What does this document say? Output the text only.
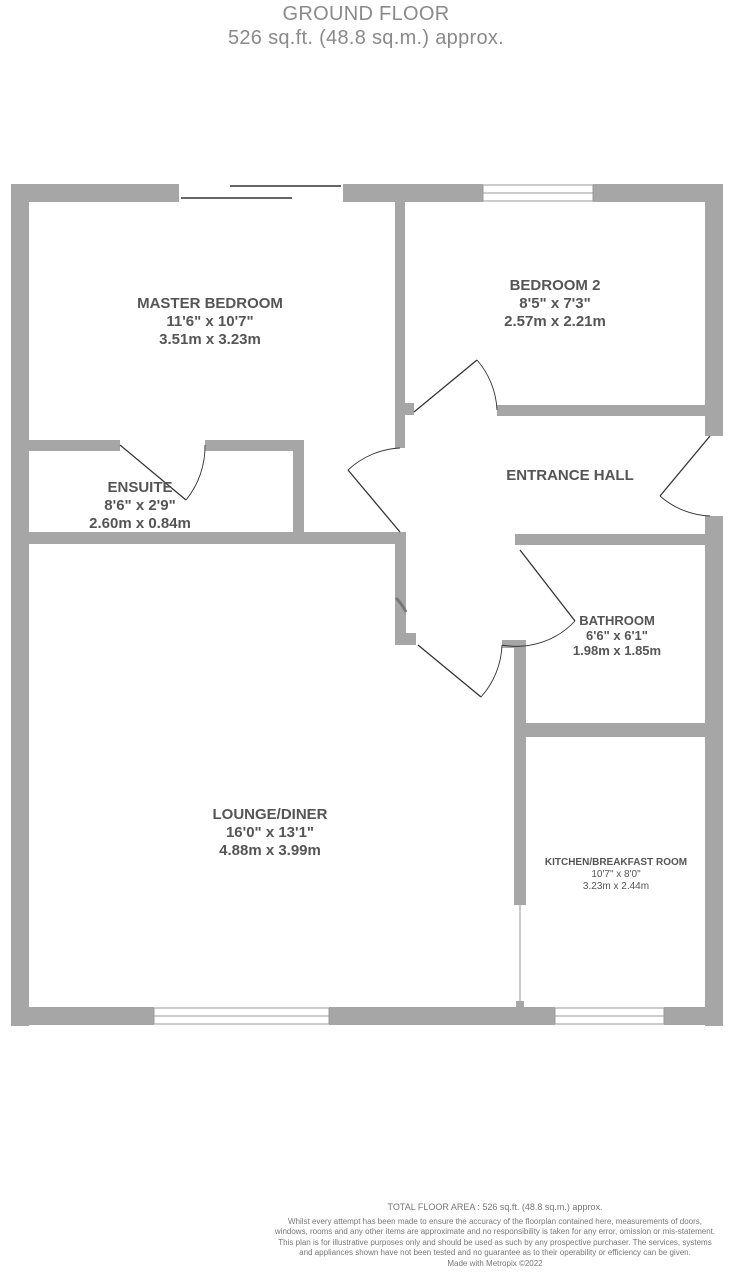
GROUND FLOOR
526 sq.ft. (48.8 sq.m.) approx.
MASTER BEDROOM
11'6" x 10'7"
3.51m x 3.23m
BEDROOM 2
8'5" x 7'3"
2.57m x 2.21m
ENTRANCE HALL
ENSUITE
8'6" x 2'9"
2.60m x 0.84m
BATHROOM
6'6" x 6'1"
1.98m x 1.85m
LOUNGE/DINER
16'0" x 13'1"
4.88m x 3.99m
KITCHEN/BREAKFAST ROOM
10'7" x 8'0"
3.23m x 2.44m
TOTAL FLOOR AREA : 526 sq.ft. (48.8 sq.m.) approx.
Whilst every attempt has been made to ensure the accuracy of the floorplan contained here, measurements of doors, windows, rooms and any other items are approximate and no responsibility is taken for any error, omission or mis-statement. This plan is for illustrative purposes only and should be used as such by any prospective purchaser. The services, systems and appliances shown have not been tested and no guarantee as to their operability or efficiency can be given.
Made with Metropix ©2022
